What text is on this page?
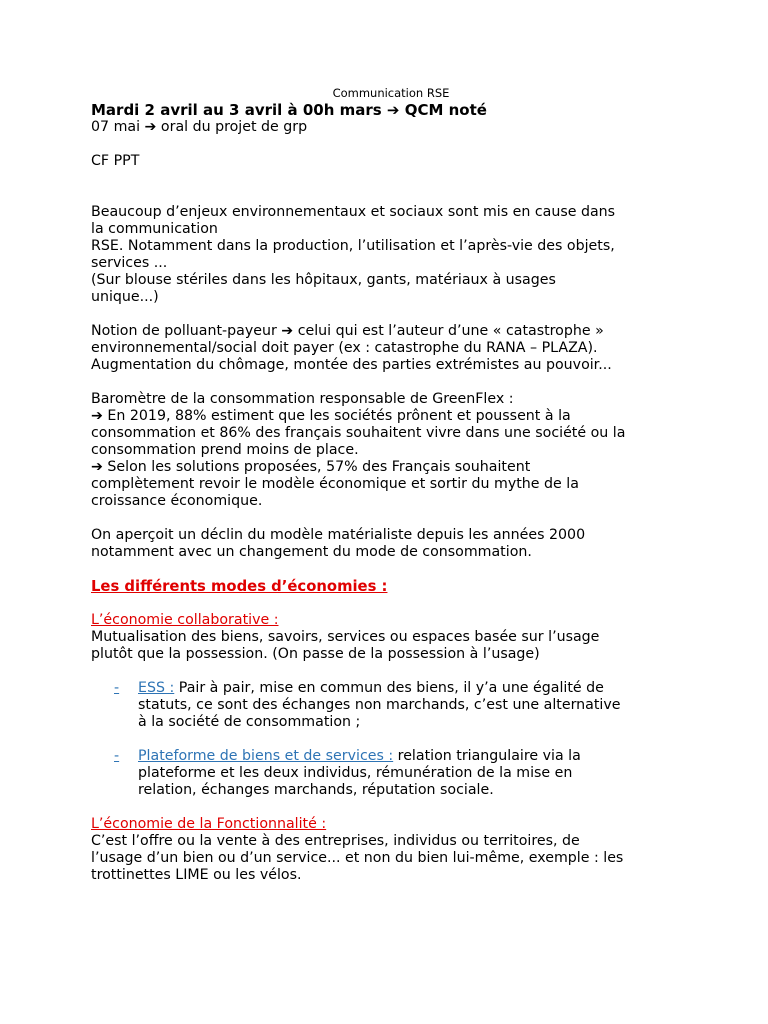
Communication RSE

Mardi 2 avril au 3 avril à 00h mars ➔ QCM noté

07 mai ➔ oral du projet de grp

CF PPT

Beaucoup d’enjeux environnementaux et sociaux sont mis en cause dans

la communication

RSE. Notamment dans la production, l’utilisation et l’après-vie des objets,

services ...

(Sur blouse stériles dans les hôpitaux, gants, matériaux à usages

unique...)

Notion de polluant-payeur ➔ celui qui est l’auteur d’une « catastrophe »

environnemental/social doit payer (ex : catastrophe du RANA – PLAZA).

Augmentation du chômage, montée des parties extrémistes au pouvoir...

Baromètre de la consommation responsable de GreenFlex :

➔ En 2019, 88% estiment que les sociétés prônent et poussent à la

consommation et 86% des français souhaitent vivre dans une société ou la

consommation prend moins de place.

➔ Selon les solutions proposées, 57% des Français souhaitent

complètement revoir le modèle économique et sortir du mythe de la

croissance économique.

On aperçoit un déclin du modèle matérialiste depuis les années 2000

notamment avec un changement du mode de consommation.

Les différents modes d’économies :

L’économie collaborative :

Mutualisation des biens, savoirs, services ou espaces basée sur l’usage

plutôt que la possession. (On passe de la possession à l’usage)

- ESS : Pair à pair, mise en commun des biens, il y’a une égalité de

statuts, ce sont des échanges non marchands, c’est une alternative

à la société de consommation ;

- Plateforme de biens et de services : relation triangulaire via la

plateforme et les deux individus, rémunération de la mise en

relation, échanges marchands, réputation sociale.

L’économie de la Fonctionnalité :

C’est l’offre ou la vente à des entreprises, individus ou territoires, de

l’usage d’un bien ou d’un service... et non du bien lui-même, exemple : les

trottinettes LIME ou les vélos.
